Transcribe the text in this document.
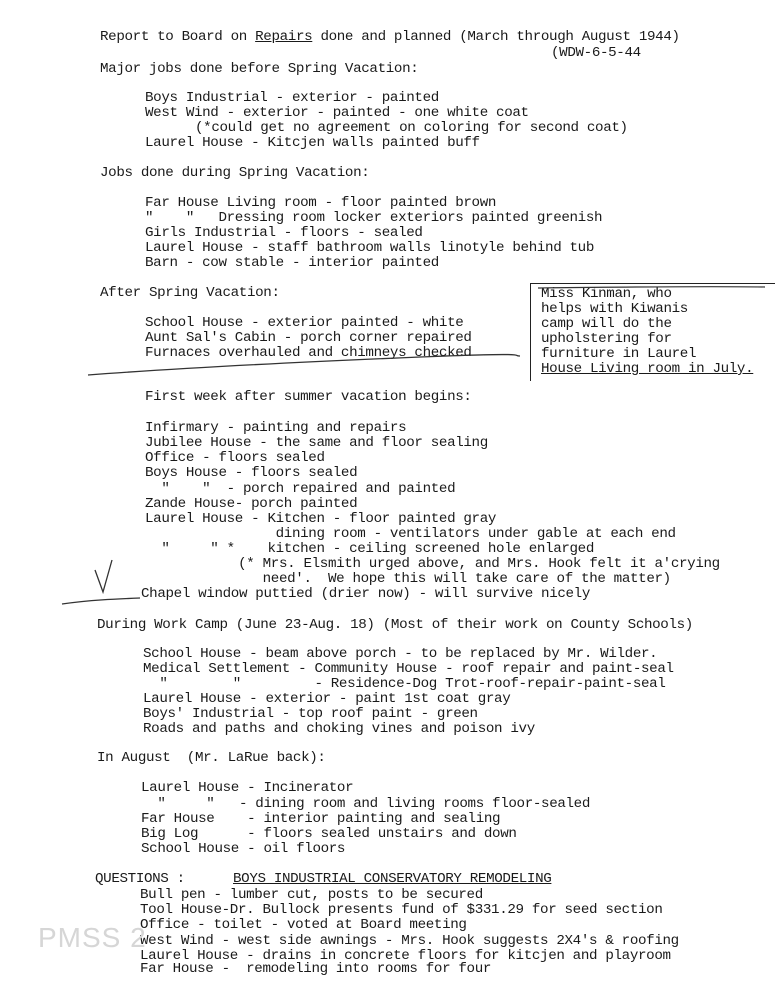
Report to Board on Repairs done and planned (March through August 1944)
(WDW-6-5-44
Major jobs done before Spring Vacation:
Boys Industrial - exterior - painted
West Wind - exterior - painted - one white coat
(*could get no agreement on coloring for second coat)
Laurel House - Kitcjen walls painted buff
Jobs done during Spring Vacation:
Far House Living room - floor painted brown
"    "   Dressing room locker exteriors painted greenish
Girls Industrial - floors - sealed
Laurel House - staff bathroom walls linotyle behind tub
Barn - cow stable - interior painted
After Spring Vacation:
School House - exterior painted - white
Aunt Sal's Cabin - porch corner repaired
Furnaces overhauled and chimneys checked
Miss Kinman, who
helps with Kiwanis
camp will do the
upholstering for
furniture in Laurel
House Living room in July.
First week after summer vacation begins:
Infirmary - painting and repairs
Jubilee House - the same and floor sealing
Office - floors sealed
Boys House - floors sealed
"    "  - porch repaired and painted
Zande House- porch painted
Laurel House - Kitchen - floor painted gray
dining room - ventilators under gable at each end
"     " *    kitchen - ceiling screened hole enlarged
(* Mrs. Elsmith urged above, and Mrs. Hook felt it a'crying
need'.  We hope this will take care of the matter)
Chapel window puttied (drier now) - will survive nicely
During Work Camp (June 23-Aug. 18) (Most of their work on County Schools)
School House - beam above porch - to be replaced by Mr. Wilder.
Medical Settlement - Community House - roof repair and paint-seal
"        "         - Residence-Dog Trot-roof-repair-paint-seal
Laurel House - exterior - paint 1st coat gray
Boys' Industrial - top roof paint - green
Roads and paths and choking vines and poison ivy
In August  (Mr. LaRue back):
Laurel House - Incinerator
"     "   - dining room and living rooms floor-sealed
Far House    - interior painting and sealing
Big Log      - floors sealed unstairs and down
School House - oil floors
QUESTIONS :	BOYS INDUSTRIAL CONSERVATORY REMODELING
Bull pen - lumber cut, posts to be secured
Tool House-Dr. Bullock presents fund of $331.29 for seed section
Office - toilet - voted at Board meeting
West Wind - west side awnings - Mrs. Hook suggests 2X4's & roofing
Laurel House - drains in concrete floors for kitcjen and playroom
Far House -  remodeling into rooms for four
PMSS 2
